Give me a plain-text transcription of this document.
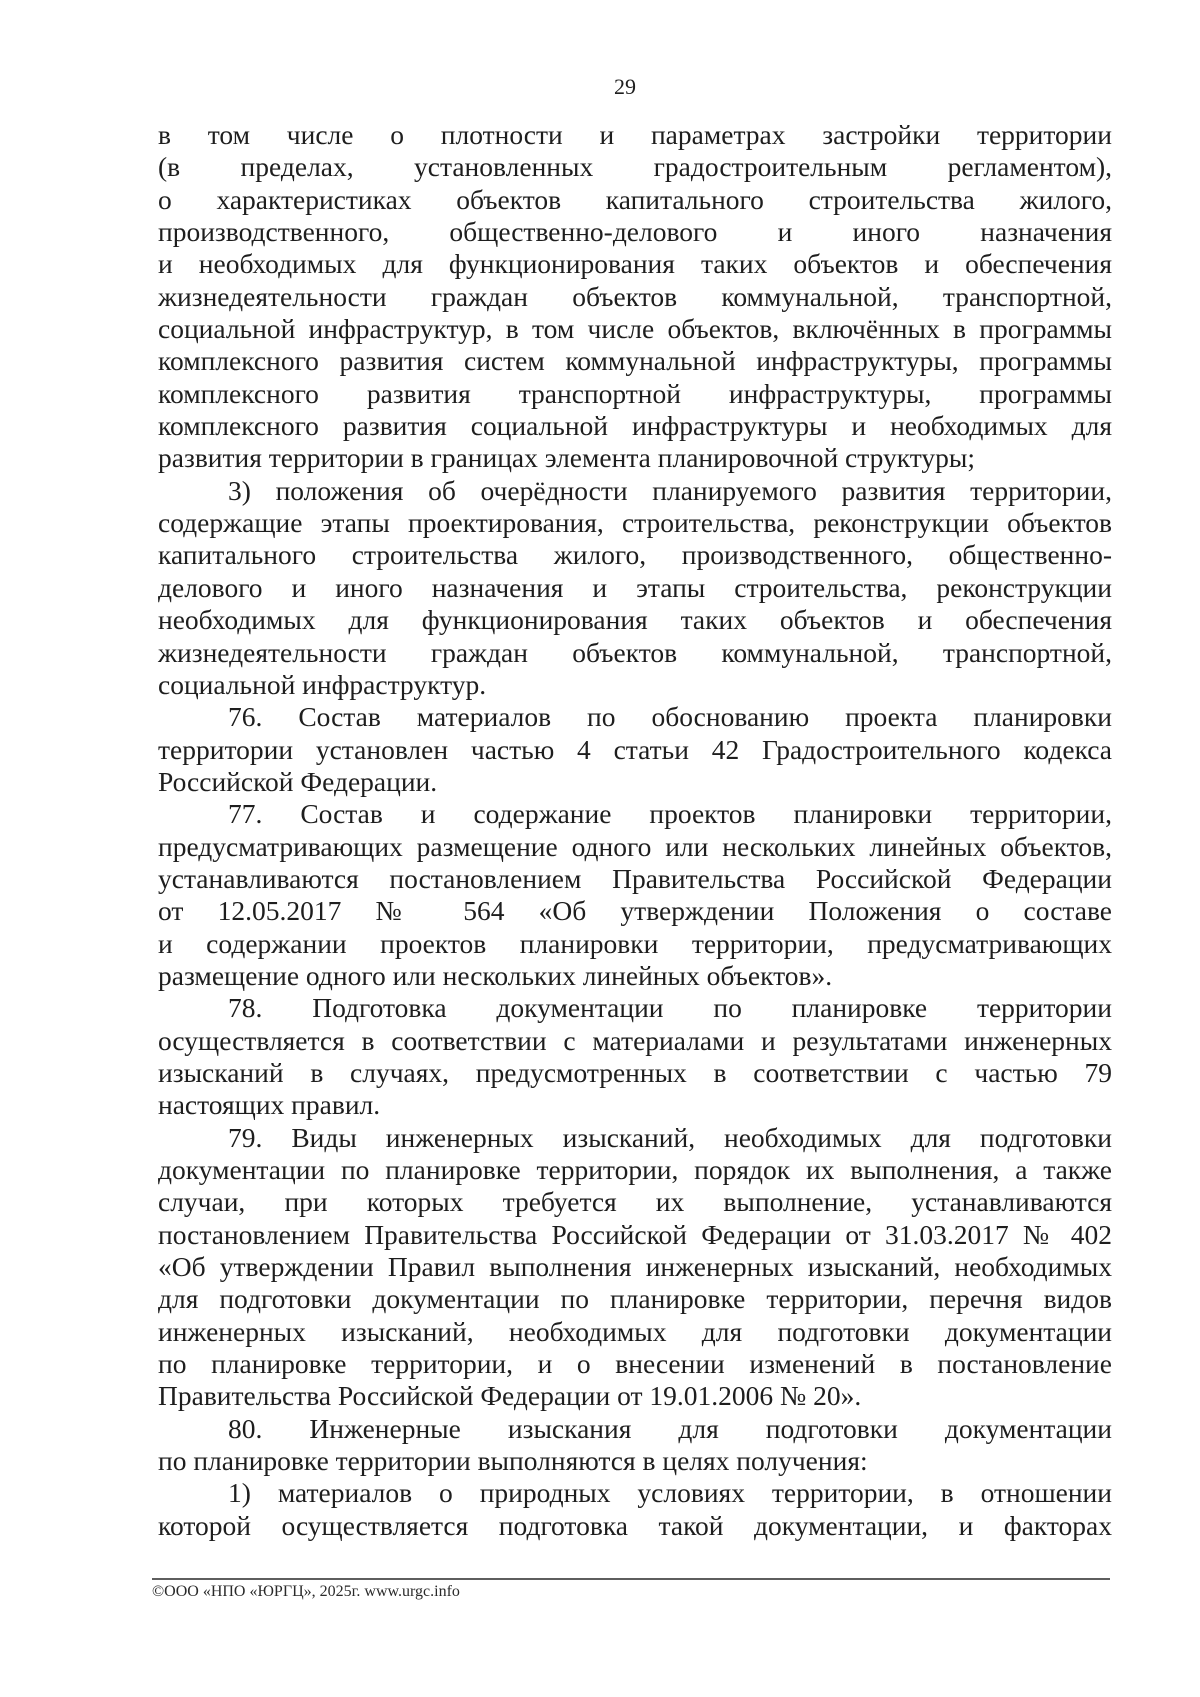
29
в том числе о плотности и параметрах застройки территории
(в пределах, установленных градостроительным регламентом),
о характеристиках объектов капитального строительства жилого,
производственного, общественно-делового и иного назначения
и необходимых для функционирования таких объектов и обеспечения
жизнедеятельности граждан объектов коммунальной, транспортной,
социальной инфраструктур, в том числе объектов, включённых в программы
комплексного развития систем коммунальной инфраструктуры, программы
комплексного развития транспортной инфраструктуры, программы
комплексного развития социальной инфраструктуры и необходимых для
развития территории в границах элемента планировочной структуры;
3) положения об очерёдности планируемого развития территории,
содержащие этапы проектирования, строительства, реконструкции объектов
капитального строительства жилого, производственного, общественно-
делового и иного назначения и этапы строительства, реконструкции
необходимых для функционирования таких объектов и обеспечения
жизнедеятельности граждан объектов коммунальной, транспортной,
социальной инфраструктур.
76. Состав материалов по обоснованию проекта планировки
территории установлен частью 4 статьи 42 Градостроительного кодекса
Российской Федерации.
77. Состав и содержание проектов планировки территории,
предусматривающих размещение одного или нескольких линейных объектов,
устанавливаются постановлением Правительства Российской Федерации
от 12.05.2017 № 564 «Об утверждении Положения о составе
и содержании проектов планировки территории, предусматривающих
размещение одного или нескольких линейных объектов».
78. Подготовка документации по планировке территории
осуществляется в соответствии с материалами и результатами инженерных
изысканий в случаях, предусмотренных в соответствии с частью 79
настоящих правил.
79. Виды инженерных изысканий, необходимых для подготовки
документации по планировке территории, порядок их выполнения, а также
случаи, при которых требуется их выполнение, устанавливаются
постановлением Правительства Российской Федерации от 31.03.2017 № 402
«Об утверждении Правил выполнения инженерных изысканий, необходимых
для подготовки документации по планировке территории, перечня видов
инженерных изысканий, необходимых для подготовки документации
по планировке территории, и о внесении изменений в постановление
Правительства Российской Федерации от 19.01.2006 № 20».
80. Инженерные изыскания для подготовки документации
по планировке территории выполняются в целях получения:
1) материалов о природных условиях территории, в отношении
которой осуществляется подготовка такой документации, и факторах
©ООО «НПО «ЮРГЦ», 2025г. www.urgc.info
